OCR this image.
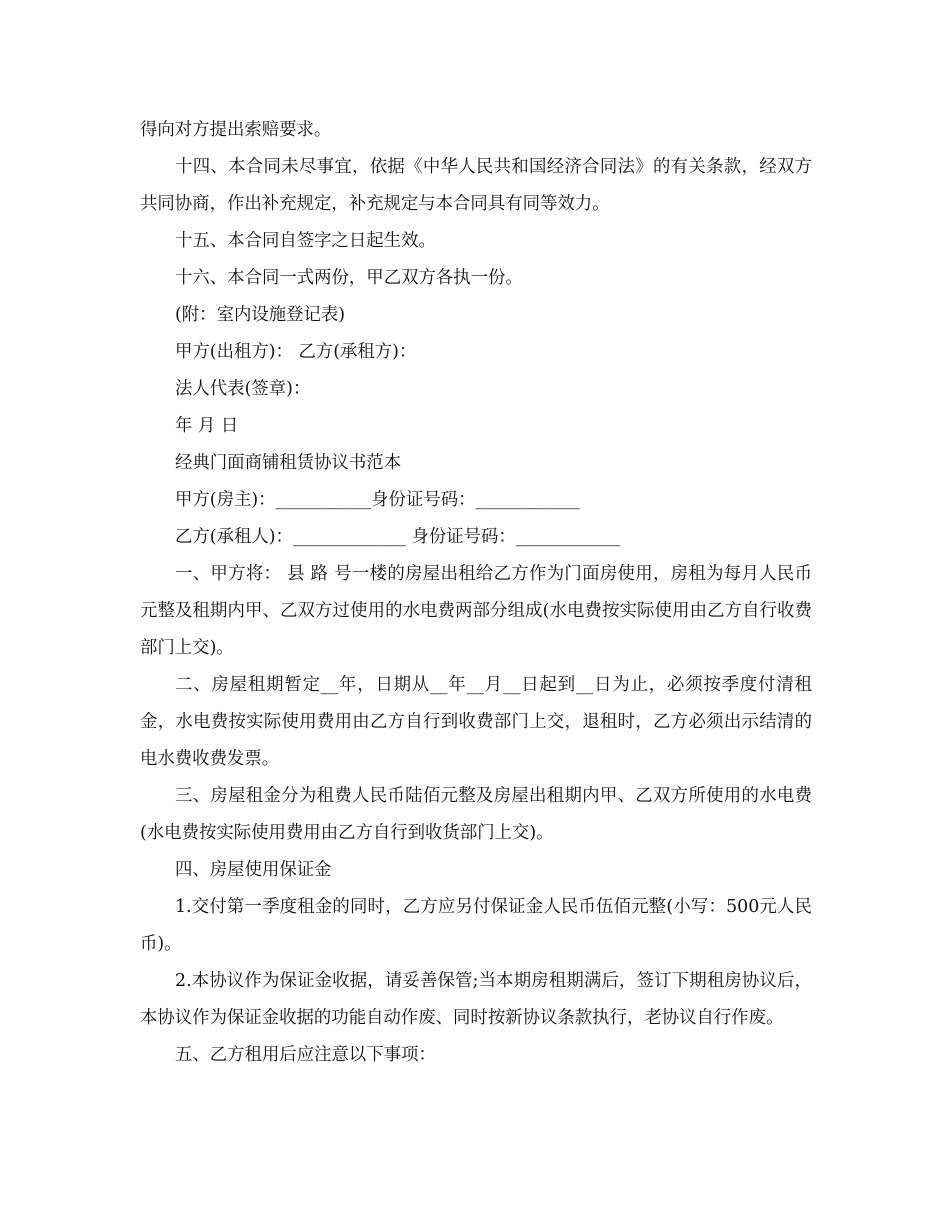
得向对方提出索赔要求。

十四、本合同未尽事宜，依据《中华人民共和国经济合同法》的有关条款，经双方共同协商，作出补充规定，补充规定与本合同具有同等效力。

十五、本合同自签字之日起生效。

十六、本合同一式两份，甲乙双方各执一份。

(附：室内设施登记表)

甲方(出租方)： 乙方(承租方)：

法人代表(签章)：

年 月 日

经典门面商铺租赁协议书范本

甲方(房主)：___________身份证号码：____________

乙方(承租人)：_____________ 身份证号码：____________

一、甲方将： 县 路 号一楼的房屋出租给乙方作为门面房使用，房租为每月人民币 元整及租期内甲、乙双方过使用的水电费两部分组成(水电费按实际使用由乙方自行收费部门上交)。

二、房屋租期暂定__年，日期从__年__月__日起到__日为止，必须按季度付清租金，水电费按实际使用费用由乙方自行到收费部门上交，退租时，乙方必须出示结清的电水费收费发票。

三、房屋租金分为租费人民币陆佰元整及房屋出租期内甲、乙双方所使用的水电费(水电费按实际使用费用由乙方自行到收货部门上交)。

四、房屋使用保证金

1.交付第一季度租金的同时，乙方应另付保证金人民币伍佰元整(小写：500元人民币)。

2.本协议作为保证金收据，请妥善保管;当本期房租期满后，签订下期租房协议后，本协议作为保证金收据的功能自动作废、同时按新协议条款执行，老协议自行作废。

五、乙方租用后应注意以下事项：
